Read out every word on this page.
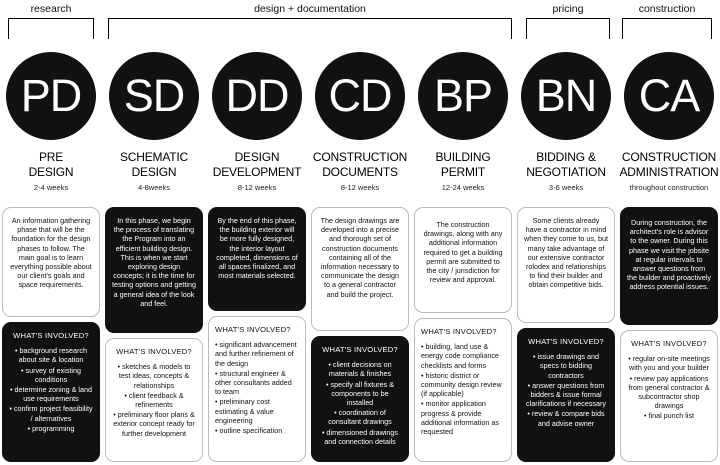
research	design + documentation	pricing	construction
PD
PRE
DESIGN
2-4 weeks
An information gathering phase that will be the foundation for the design phases to follow. The main goal is to learn everything possible about our client's goals and space requirements.
WHAT'S INVOLVED?
• background research about site & location
• survey of existing conditions
• determine zoning & land use requirements
• confirm project feasibility / alternatives
• programming
SD
SCHEMATIC
DESIGN
4-8weeks
In this phase, we begin the process of translating the Program into an efficient building design. This is when we start exploring design concepts; it is the time for testing options and getting a general idea of the look and feel.
WHAT'S INVOLVED?
• sketches & models to test ideas, concepts & relationships
• client feedback & refinements
• preliminary floor plans & exterior concept ready for further development
DD
DESIGN
DEVELOPMENT
8-12 weeks
By the end of this phase, the building exterior will be more fully designed, the interior layout completed, dimensions of all spaces finalized, and most materials selected.
WHAT'S INVOLVED?
• significant advancement and further refinement of the design
• structural engineer & other consultants added to team
• preliminary cost estimating & value engineering
• outline specification
CD
CONSTRUCTION
DOCUMENTS
8-12 weeks
The design drawings are developed into a precise and thorough set of construction documents containing all of the information necessary to communicate the design to a general contractor and build the project.
WHAT'S INVOLVED?
• client decisions on materials & finishes
• specify all fixtures & components to be installed
• coordination of consultant drawings
• dimensioned drawings and connection details
BP
BUILDING
PERMIT
12-24 weeks
The construction drawings, along with any additional information required to get a building permit are submitted to the city / jurisdiction for review and approval.
WHAT'S INVOLVED?
• building, land use & energy code compliance checklists and forms
• historic district or community design review (if applicable)
• monitor application progress & provide additional information as requested
BN
BIDDING &
NEGOTIATION
3-6 weeks
Some clients already have a contractor in mind when they come to us, but many take advantage of our extensive contractor rolodex and relationships to find their builder and obtain competitive bids.
WHAT'S INVOLVED?
• issue drawings and specs to bidding contractors
• answer questions from bidders & issue formal clarifications if necessary
• review & compare bids and advise owner
CA
CONSTRUCTION
ADMINISTRATION
throughout construction
During construction, the architect's role is advisor to the owner. During this phase we visit the jobsite at regular intervals to answer questions from the builder and proactively address potential issues.
WHAT'S INVOLVED?
• regular on-site meetings with you and your builder
• review pay applications from general contractor & subcontractor shop drawings
• final punch list
